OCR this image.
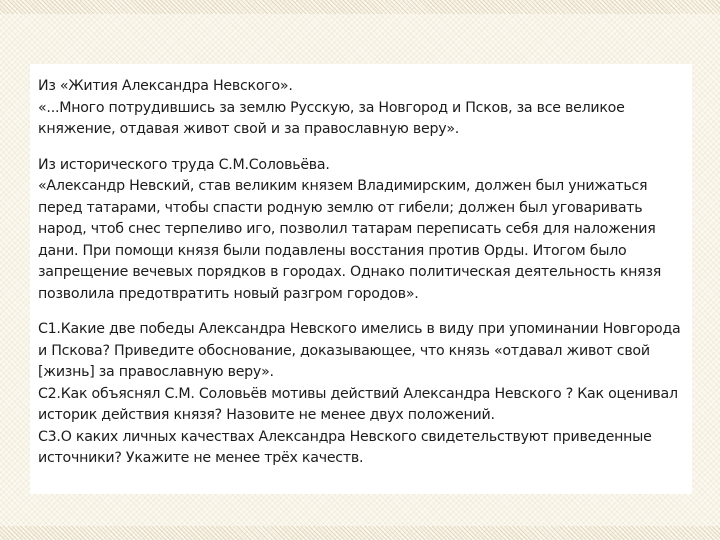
Из «Жития Александра Невского».

«...Много потрудившись за землю Русскую, за Новгород и Псков, за все великое княжение, отдавая живот свой и за православную веру».

Из исторического труда С.М.Соловьёва.

«Александр Невский, став великим князем Владимирским, должен был унижаться перед татарами, чтобы спасти родную землю от гибели; должен был уговаривать народ, чтоб снес терпеливо иго, позволил татарам переписать себя для наложения дани. При помощи князя были подавлены восстания против Орды. Итогом было запрещение вечевых порядков в городах. Однако политическая деятельность князя позволила предотвратить новый разгром городов».

С1.Какие две победы Александра Невского имелись в виду при упоминании Новгорода и Пскова? Приведите обоснование, доказывающее, что князь «отдавал живот свой [жизнь] за православную веру».

С2.Как объяснял С.М. Соловьёв мотивы действий Александра Невского ? Как оценивал историк действия князя? Назовите не менее двух положений.

С3.О каких личных качествах Александра Невского свидетельствуют приведенные источники? Укажите не менее трёх качеств.
